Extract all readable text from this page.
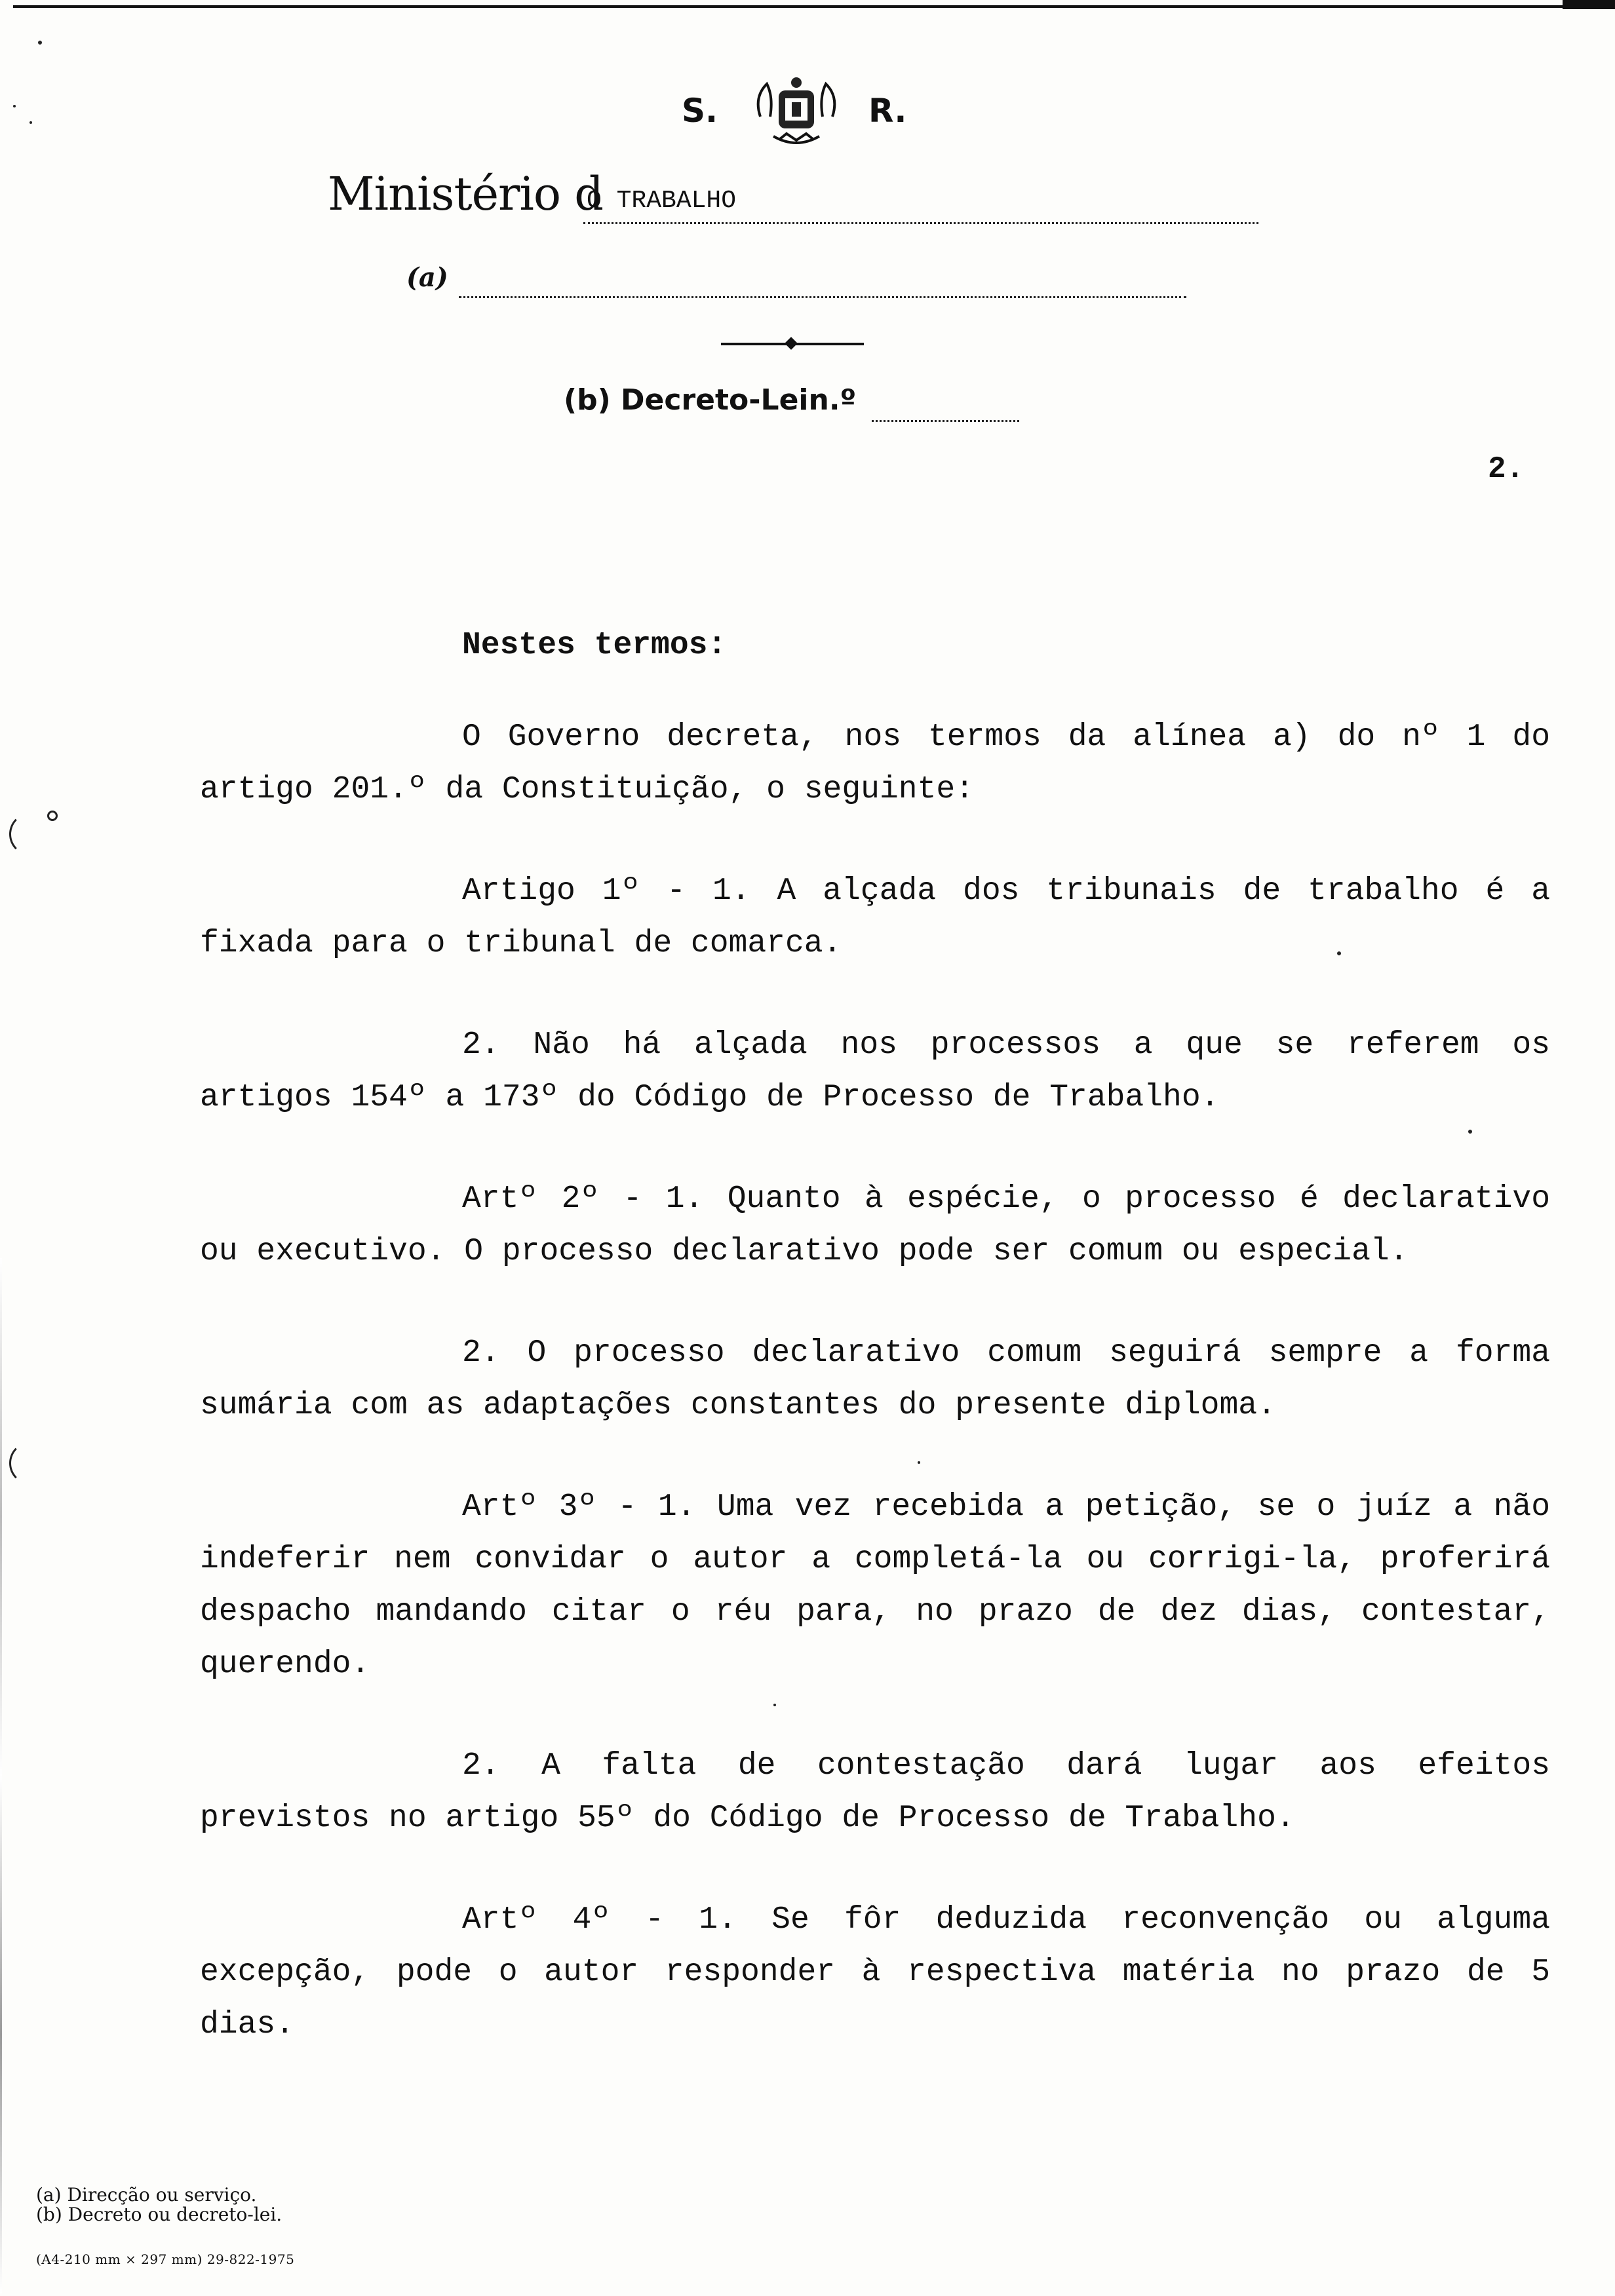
S.	R.
Ministério d
O TRABALHO
(a)
(b) Decreto-Lein.º
2.

Nestes termos:

O Governo decreta, nos termos da alínea a) do nº 1 do artigo 201.º da Constituição, o seguinte:

Artigo 1º - 1. A alçada dos tribunais de trabalho é a fixada para o tribunal de comarca.

2. Não há alçada nos processos a que se referem os artigos 154º a 173º do Código de Processo de Trabalho.

Artº 2º - 1. Quanto à espécie, o processo é declarativo ou executivo. O processo declarativo pode ser comum ou especial.

2. O processo declarativo comum seguirá sempre a forma sumária com as adaptações constantes do presente diploma.

Artº 3º - 1. Uma vez recebida a petição, se o juíz a não indeferir nem convidar o autor a completá-la ou corrigi-la, proferirá despacho mandando citar o réu para, no prazo de dez dias, contestar, querendo.

2. A falta de contestação dará lugar aos efeitos previstos no artigo 55º do Código de Processo de Trabalho.

Artº 4º - 1. Se fôr deduzida reconvenção ou alguma excepção, pode o autor responder à respectiva matéria no prazo de 5 dias.

(a) Direcção ou serviço.
(b) Decreto ou decreto-lei.
(A4-210 mm × 297 mm) 29-822-1975
